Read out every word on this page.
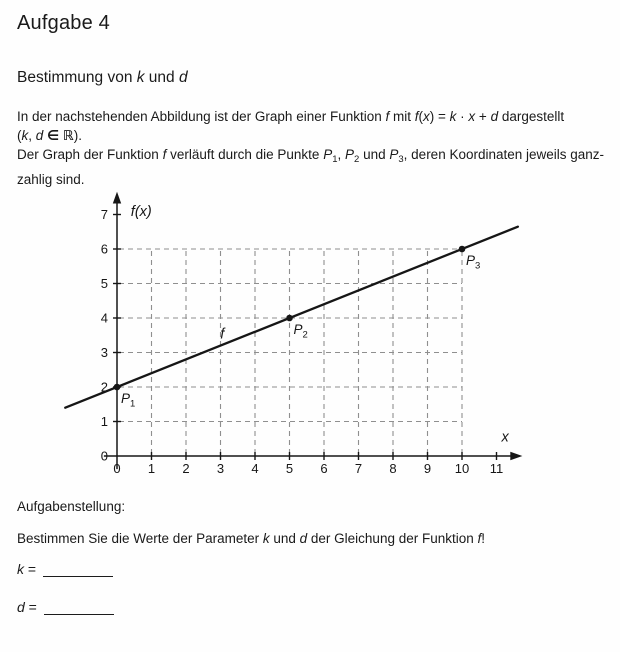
Aufgabe 4
Bestimmung von k und d
In der nachstehenden Abbildung ist der Graph einer Funktion f mit f(x) = k · x + d dargestellt
(k, d ∈ ℝ).
Der Graph der Funktion f verläuft durch die Punkte $P_1$, $P_2$ und $P_3$, deren Koordinaten jeweils ganz-
zahlig sind.
0 1 2 3 4 5 6 7 8 9 10 11
0
1
2
3
4
5
6
7
x
f(x)
f
$P_1$
$P_2$
$P_3$
Aufgabenstellung:
Bestimmen Sie die Werte der Parameter k und d der Gleichung der Funktion f!
k =
d =
